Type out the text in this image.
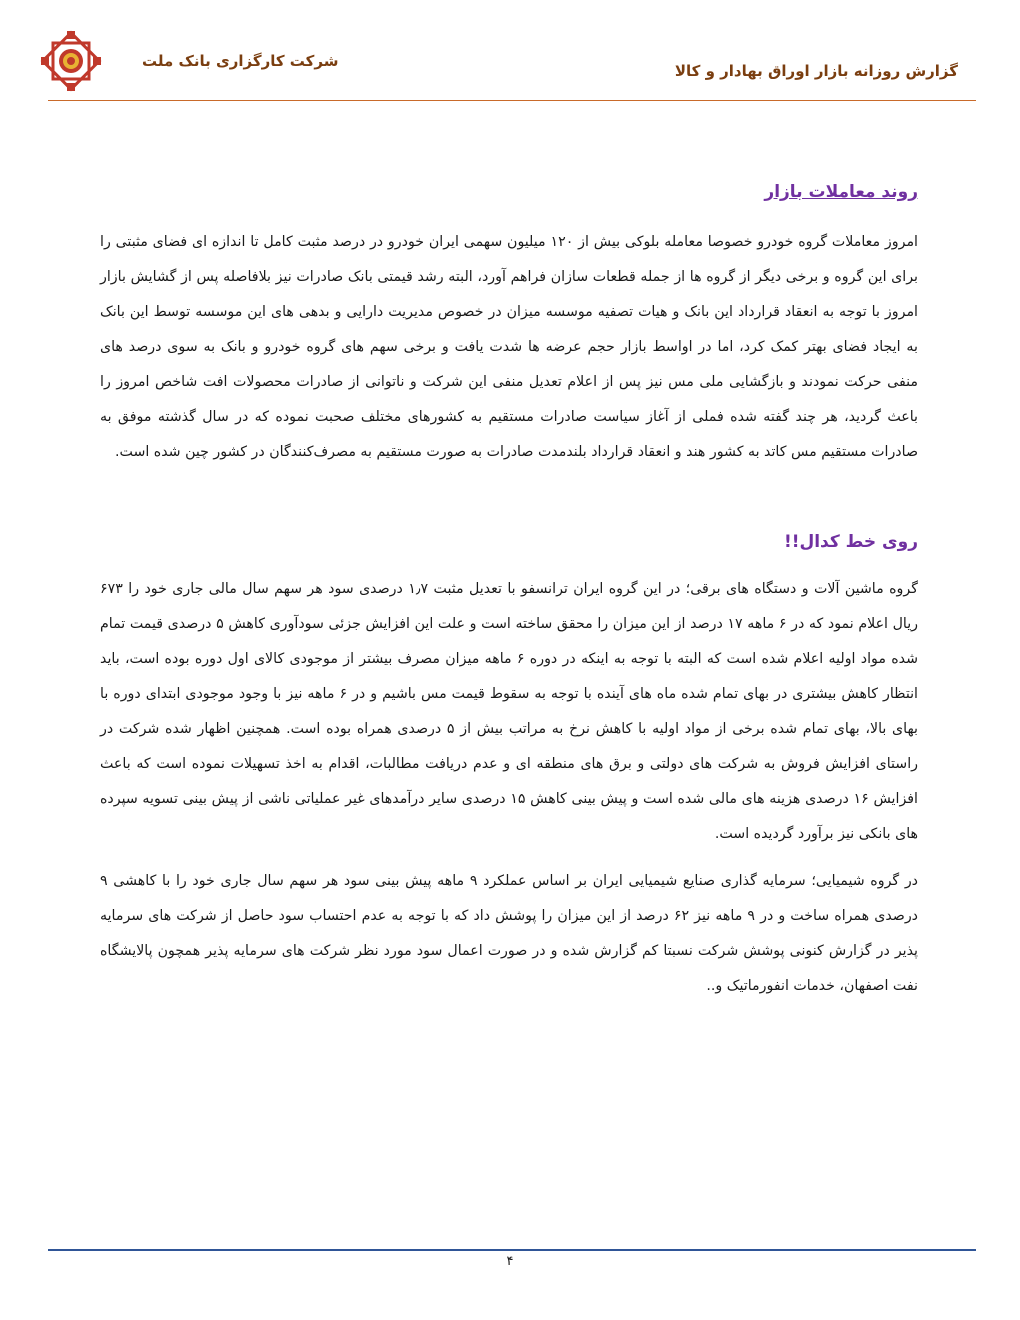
شرکت کارگزاری بانک ملت
گزارش روزانه بازار اوراق بهادار و کالا
روند معاملات بازار

امروز معاملات گروه خودرو خصوصا معامله بلوکی بیش از ۱۲۰ میلیون سهمی ایران خودرو در درصد مثبت کامل تا اندازه ای فضای مثبتی را برای این گروه و برخی دیگر از گروه ها از جمله قطعات سازان فراهم آورد، البته رشد قیمتی بانک صادرات نیز بلافاصله پس از گشایش بازار امروز با توجه به انعقاد قرارداد این بانک و هیات تصفیه موسسه میزان در خصوص مدیریت دارایی و بدهی های این موسسه توسط این بانک به ایجاد فضای بهتر کمک کرد، اما در اواسط بازار حجم عرضه ها شدت یافت و برخی سهم های گروه خودرو و بانک به سوی درصد های منفی حرکت نمودند و بازگشایی ملی مس نیز پس از اعلام تعدیل منفی این شرکت و ناتوانی از صادرات محصولات افت شاخص امروز را باعث گردید، هر چند گفته شده فملی از آغاز سیاست صادرات مستقیم به کشورهای مختلف صحبت نموده که در سال گذشته موفق به صادرات مستقیم مس کاتد به کشور هند و انعقاد قرارداد بلندمدت صادرات به صورت مستقیم به مصرف‌کنندگان در کشور چین شده است.

روی خط کدال!!

گروه ماشین آلات و دستگاه های برقی؛ در این گروه ایران ترانسفو با تعدیل مثبت ۱٫۷ درصدی سود هر سهم سال مالی جاری خود را ۶۷۳ ریال اعلام نمود که در ۶ ماهه ۱۷ درصد از این میزان را محقق ساخته است و علت این افزایش جزئی سودآوری کاهش ۵ درصدی قیمت تمام شده مواد اولیه اعلام شده است که البته با توجه به اینکه در دوره ۶ ماهه میزان مصرف بیشتر از موجودی کالای اول دوره بوده است، باید انتظار کاهش بیشتری در بهای تمام شده ماه های آینده با توجه به سقوط قیمت مس باشیم و در ۶ ماهه نیز با وجود موجودی ابتدای دوره با بهای بالا، بهای تمام شده برخی از مواد اولیه با کاهش نرخ به مراتب بیش از ۵ درصدی همراه بوده است. همچنین اظهار شده شرکت در راستای افزایش فروش به شرکت های دولتی و برق های منطقه ای و عدم دریافت مطالبات، اقدام به اخذ تسهیلات نموده است که باعث افزایش ۱۶ درصدی هزینه های مالی شده است و پیش بینی کاهش ۱۵ درصدی سایر درآمدهای غیر عملیاتی ناشی از پیش بینی تسویه سپرده های بانکی نیز برآورد گردیده است.

در گروه شیمیایی؛ سرمایه گذاری صنایع شیمیایی ایران بر اساس عملکرد ۹ ماهه پیش بینی سود هر سهم سال جاری خود را با کاهشی ۹ درصدی همراه ساخت و در ۹ ماهه نیز ۶۲ درصد از این میزان را پوشش داد که با توجه به عدم احتساب سود حاصل از شرکت های سرمایه پذیر در گزارش کنونی پوشش شرکت نسبتا کم گزارش شده و در صورت اعمال سود مورد نظر شرکت های سرمایه پذیر همچون پالایشگاه نفت اصفهان، خدمات انفورماتیک و..

۴
